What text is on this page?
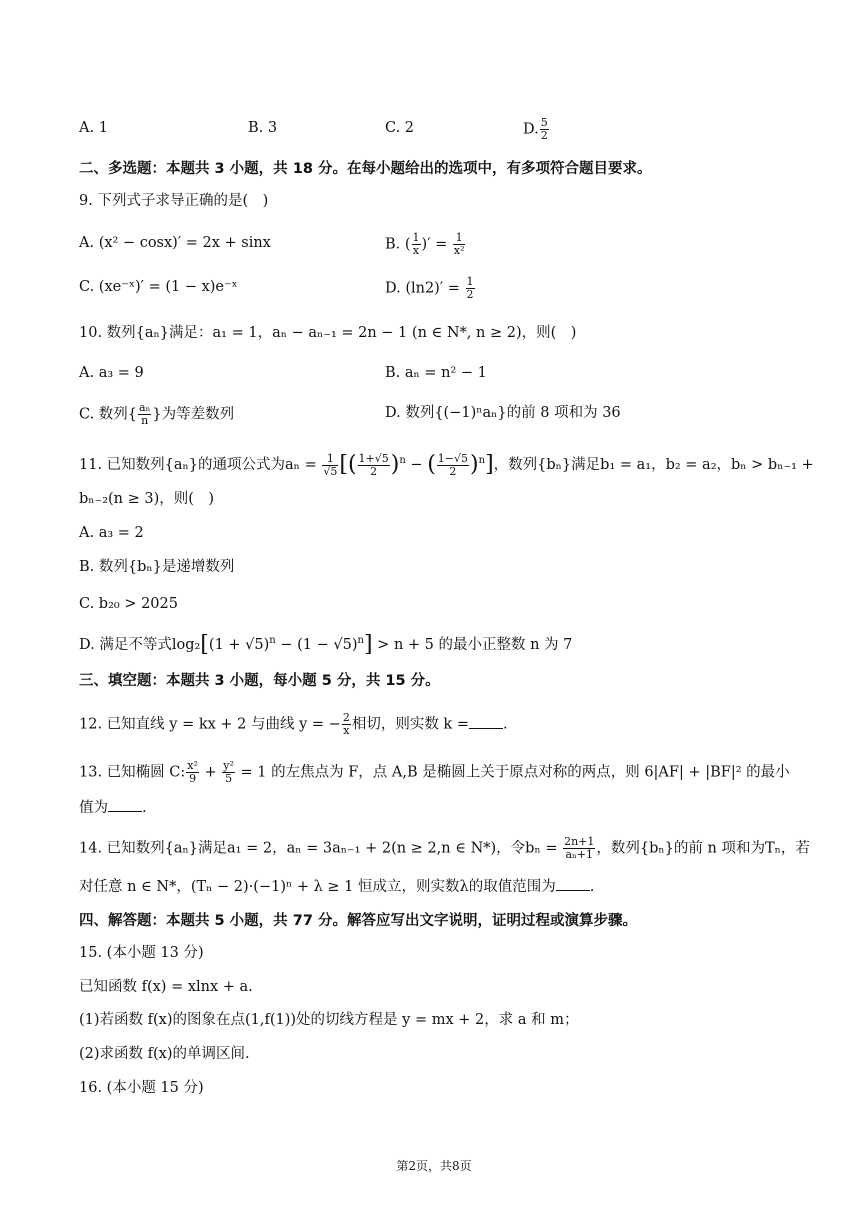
A. 1	B. 3	C. 2	D. $\frac{5}{2}$
二、多选题：本题共 3 小题，共 18 分。在每小题给出的选项中，有多项符合题目要求。
9. 下列式子求导正确的是(　)
A. (x² − cosx)′ = 2x + sinx	B. ( $\frac{1}{x}$ )′ = $\frac{1}{\text{x²}}$
C. (xe⁻ˣ)′ = (1 − x)e⁻ˣ	D. $(\ln 2)' = \frac{1}{2}$
10. 数列{aₙ}满足：a₁ = 1，aₙ − aₙ₋₁ = 2n − 1 (n ∈ N*, n ≥ 2)，则(　)
A. a₃ = 9	B. aₙ = n² − 1
C. 数列{ $\frac{\text{aₙ}}{n}$ }为等差数列	D. 数列{(−1)ⁿaₙ}的前 8 项和为 36
11. 已知数列{aₙ}的通项公式为$a_n = \frac{1}{√5}$ [( $\frac{1+√5}{2} )^n$ − ( $\frac{1-√5}{2} )^n$]，数列{bₙ}满足b₁ = a₁，b₂ = a₂，bₙ > bₙ₋₁ +
bₙ₋₂(n ≥ 3)，则(　)
A. a₃ = 2
B. 数列{bₙ}是递增数列
C. b₂₀ > 2025
D. 满足不等式$\log_2[(1 + √5)^n - (1 - √5)^n] > n + 5$ 的最小正整数 n 为 7
三、填空题：本题共 3 小题，每小题 5 分，共 15 分。
12. 已知直线 y = kx + 2 与曲线 y = − $\frac{2}{x}$ 相切，则实数 k = .
13. 已知椭圆 C: $\frac{\text{x²}}{9} + \frac{\text{y²}}{5} = 1$ 的左焦点为 F，点 A,B 是椭圆上关于原点对称的两点，则 6|AF| + |BF|² 的最小
值为 .
14. 已知数列{aₙ}满足a₁ = 2，aₙ = 3aₙ₋₁ + 2(n ≥ 2,n ∈ N*)，令$b_n = \frac{2n+1}{\text{aₙ+1}}$ ，数列{bₙ}的前 n 项和为Tₙ，若
对任意 n ∈ N*，(Tₙ − 2)·(−1)ⁿ + λ ≥ 1 恒成立，则实数λ的取值范围为 .
四、解答题：本题共 5 小题，共 77 分。解答应写出文字说明，证明过程或演算步骤。
15. (本小题 13 分)
已知函数 f(x) = xlnx + a.
(1)若函数 f(x)的图象在点(1,f(1))处的切线方程是 y = mx + 2，求 a 和 m；
(2)求函数 f(x)的单调区间.
16. (本小题 15 分)
第2页，共8页
